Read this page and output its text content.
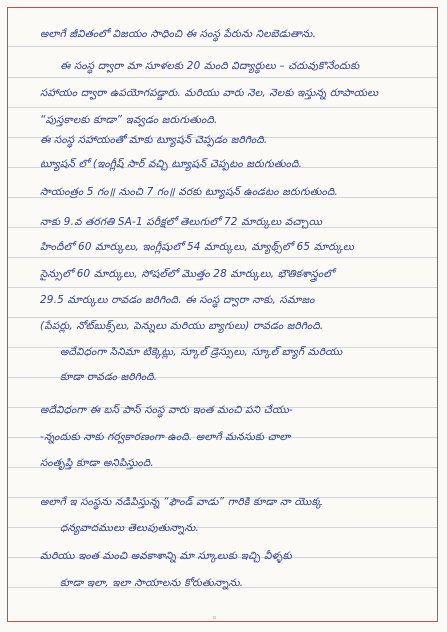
అలాగే జీవితంలో విజయం సాధించి ఈ సంస్థ పేరును నిలబెడుతాను.
ఈ సంస్థ ద్వారా మా సూళలకు 20 మంది విద్యార్థులు – చదువుకొనేందుకు
సహాయం ద్వారా ఉపయోగపడ్డారు. మరియు వారు నెల, నెలకు ఇస్తున్న రూపాయలు
“పుస్తకాలకు కూడా” ఇవ్వడం జరుగుతుంది.
ఈ సంస్థ సహాయంతో మాకు ట్యూషన్ చెప్పడం జరిగింది.
ట్యూషన్ లో (ఇంగ్లీష్ సార్ వచ్చి ట్యూషన్ చెప్పటం జరుగుతుంది.
సాయంత్రం 5 గం॥ నుంచి 7 గం॥ వరకు ట్యూషన్ ఉండటం జరుగుతుంది.
నాకు 9.వ తరగతి SA-1 పరీక్షలో తెలుగులో 72 మార్కులు వచ్చాయి
హిందీలో 60 మార్కులు, ఇంగ్లీషులో 54 మార్కులు, మ్యాథ్స్‌లో 65 మార్కులు
సైన్సులో 60 మార్కులు, సోషల్‌లో మొత్తం 28 మార్కులు, భౌతికశాస్త్రంలో
29.5 మార్కులు రావడం జరిగింది. ఈ సంస్థ ద్వారా నాకు, సమాజం
(పేపర్లు, నోట్‌బుక్స్‌లు, పెన్నులు మరియు బ్యాగులు) రావడం జరిగింది.
అదేవిధంగా సినిమా టిక్కెట్లు, స్కూల్ డ్రెస్సులు, స్కూల్ బ్యాగ్ మరియు
కూడా రావడం జరిగింది.
అదేవిధంగా ఈ బస్ పాస్ సంస్థ వారు ఇంత మంచి పని చేయు-
-న్నందుకు నాకు గర్వకారణంగా ఉంది. అలాగే మనసుకు చాలా
సంతృప్తి కూడా అనిపిస్తుంది.
అలాగే ఇ సంస్థను నడిపిస్తున్న “ఫౌండ్ వాడు” గారికి కూడా నా యొక్క
ధన్యవాదములు తెలుపుతున్నాను.
మరియు ఇంత మంచి అవకాశాన్ని మా స్కూలుకు ఇచ్చి వీళ్ళకు
కూడా ఇలా, ఇలా సాయాలను కోరుతున్నాను.
◦
